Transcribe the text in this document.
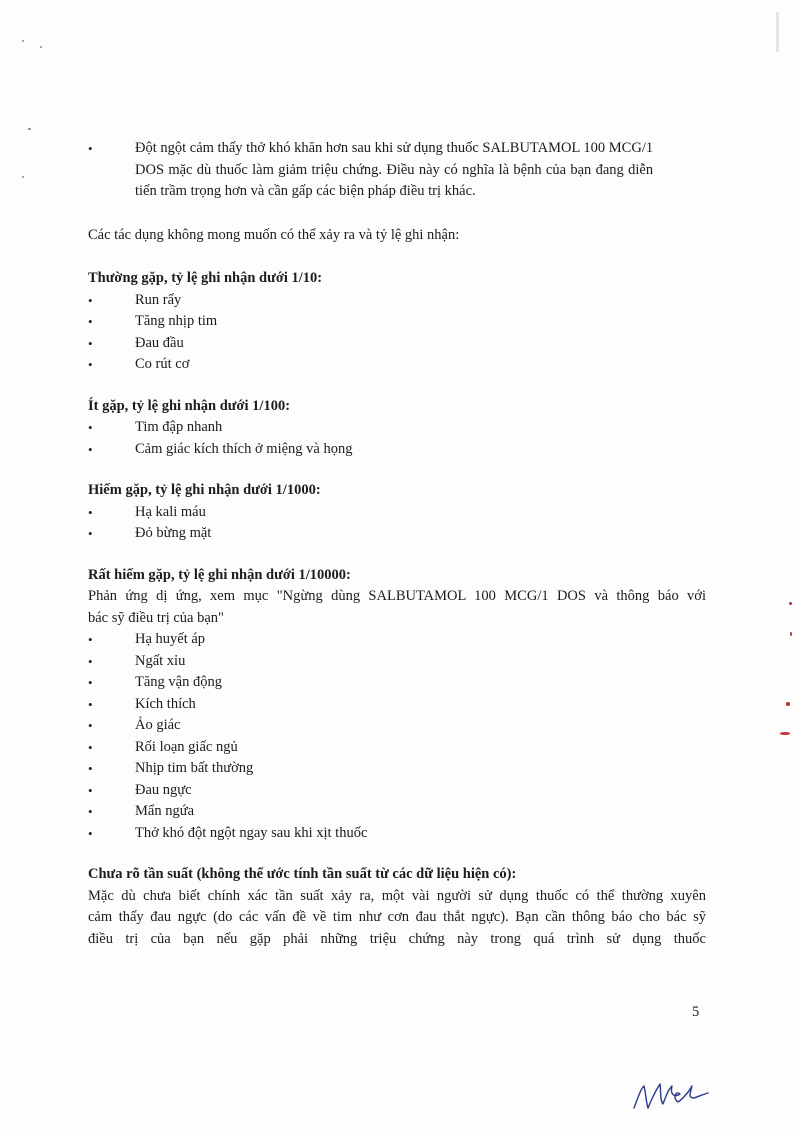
•	Đột ngột cảm thấy thở khó khăn hơn sau khi sử dụng thuốc SALBUTAMOL 100 MCG/1
DOS mặc dù thuốc làm giảm triệu chứng. Điều này có nghĩa là bệnh của bạn đang diễn
tiến trầm trọng hơn và cần gấp các biện pháp điều trị khác.

Các tác dụng không mong muốn có thể xảy ra và tỷ lệ ghi nhận:

Thường gặp, tỷ lệ ghi nhận dưới 1/10:

•	Run rẩy
•	Tăng nhịp tim
•	Đau đầu
•	Co rút cơ

Ít gặp, tỷ lệ ghi nhận dưới 1/100:

•	Tim đập nhanh
•	Cảm giác kích thích ở miệng và họng

Hiếm gặp, tỷ lệ ghi nhận dưới 1/1000:

•	Hạ kali máu
•	Đỏ bừng mặt

Rất hiếm gặp, tỷ lệ ghi nhận dưới 1/10000:

Phản ứng dị ứng, xem mục "Ngừng dùng SALBUTAMOL 100 MCG/1 DOS và thông báo với
bác sỹ điều trị của bạn"
•	Hạ huyết áp
•	Ngất xỉu
•	Tăng vận động
•	Kích thích
•	Ảo giác
•	Rối loạn giấc ngủ
•	Nhịp tim bất thường
•	Đau ngực
•	Mẩn ngứa
•	Thở khó đột ngột ngay sau khi xịt thuốc

Chưa rõ tần suất (không thể ước tính tần suất từ các dữ liệu hiện có):

Mặc dù chưa biết chính xác tần suất xảy ra, một vài người sử dụng thuốc có thể thường xuyên
cảm thấy đau ngực (do các vấn đề về tim như cơn đau thắt ngực). Bạn cần thông báo cho bác sỹ
điều trị của bạn nếu gặp phải những triệu chứng này trong quá trình sử dụng thuốc
5
